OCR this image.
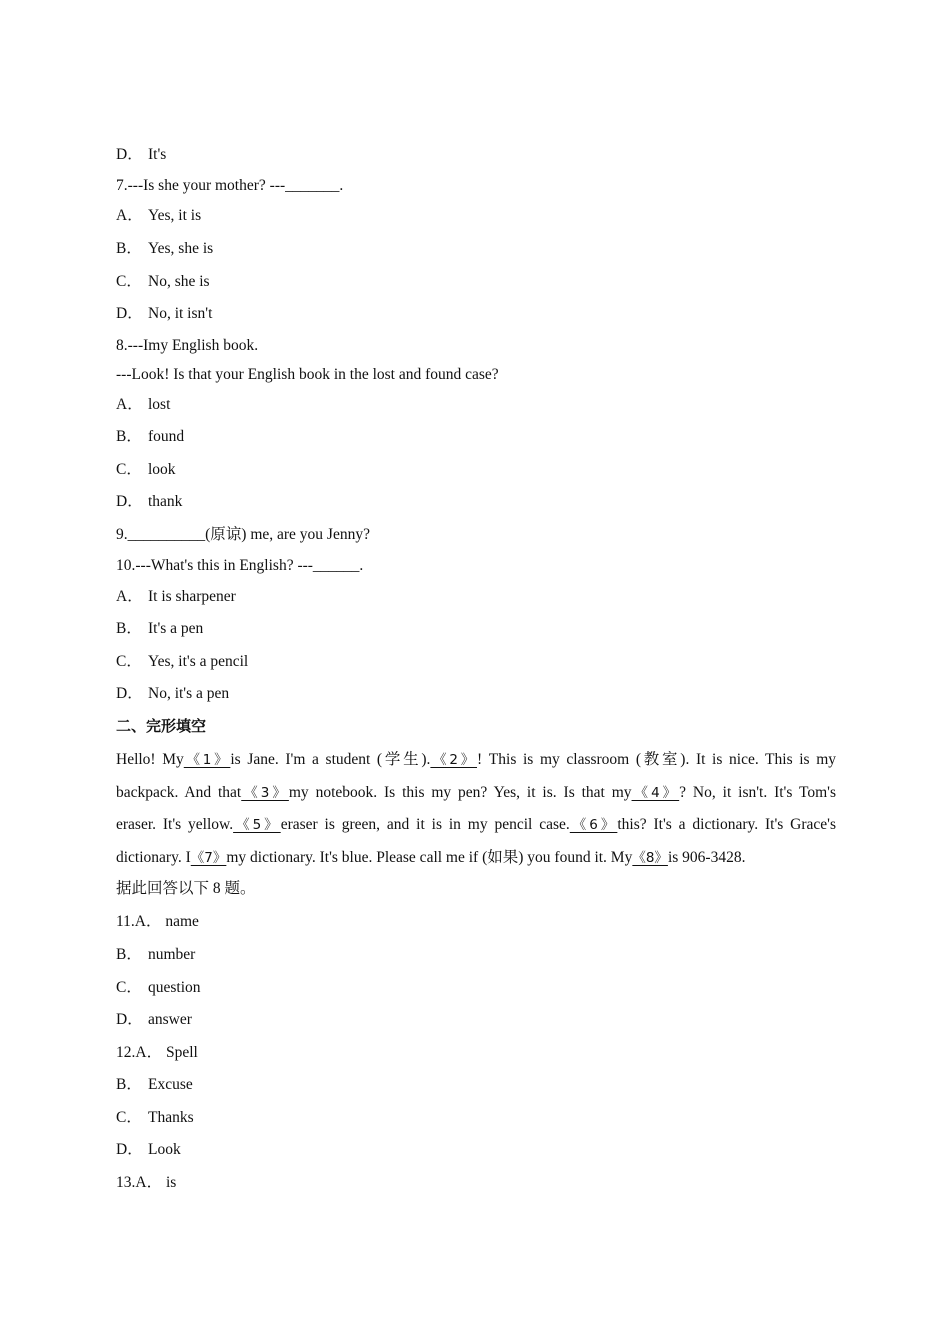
D． It's
7.---Is she your mother? ---_______.
A． Yes, it is
B． Yes, she is
C． No, she is
D． No, it isn't
8.---Imy English book.
---Look! Is that your English book in the lost and found case?
A． lost
B． found
C． look
D． thank
9.__________(原谅) me, are you Jenny?
10.---What's this in English? ---______.
A． It is sharpener
B． It's a pen
C． Yes, it's a pencil
D． No, it's a pen
二、完形填空
Hello! My《1》is Jane. I'm a student (学生).《2》! This is my classroom (教室). It is nice. This is my
backpack. And that《3》my notebook. Is this my pen? Yes, it is. Is that my《4》? No, it isn't. It's Tom's
eraser. It's yellow.《5》eraser is green, and it is in my pencil case.《6》this? It's a dictionary. It's Grace's
dictionary. I《7》my dictionary. It's blue. Please call me if (如果) you found it. My《8》is 906-3428.
据此回答以下 8 题。
11.A． name
B． number
C． question
D． answer
12.A． Spell
B． Excuse
C． Thanks
D． Look
13.A． is
